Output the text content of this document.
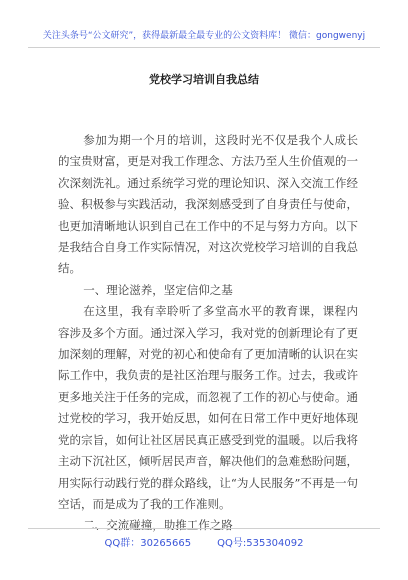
关注头条号“公文研究”，获得最新最全最专业的公文资料库！ 微信：gongwenyj
党校学习培训自我总结

参加为期一个月的培训，这段时光不仅是我个人成长的宝贵财富，更是对我工作理念、方法乃至人生价值观的一次深刻洗礼。通过系统学习党的理论知识、深入交流工作经验、积极参与实践活动，我深刻感受到了自身责任与使命，也更加清晰地认识到自己在工作中的不足与努力方向。以下是我结合自身工作实际情况，对这次党校学习培训的自我总结。

一、理论滋养，坚定信仰之基

在这里，我有幸聆听了多堂高水平的教育课，课程内容涉及多个方面。通过深入学习，我对党的创新理论有了更加深刻的理解，对党的初心和使命有了更加清晰的认识在实际工作中，我负责的是社区治理与服务工作。过去，我或许更多地关注于任务的完成，而忽视了工作的初心与使命。通过党校的学习，我开始反思，如何在日常工作中更好地体现党的宗旨，如何让社区居民真正感受到党的温暖。以后我将主动下沉社区，倾听居民声音，解决他们的急难愁盼问题，用实际行动践行党的群众路线，让“为人民服务”不再是一句空话，而是成为了我的工作准则。

二、交流碰撞，助推工作之路

QQ群：30265665	QQ号:535304092
